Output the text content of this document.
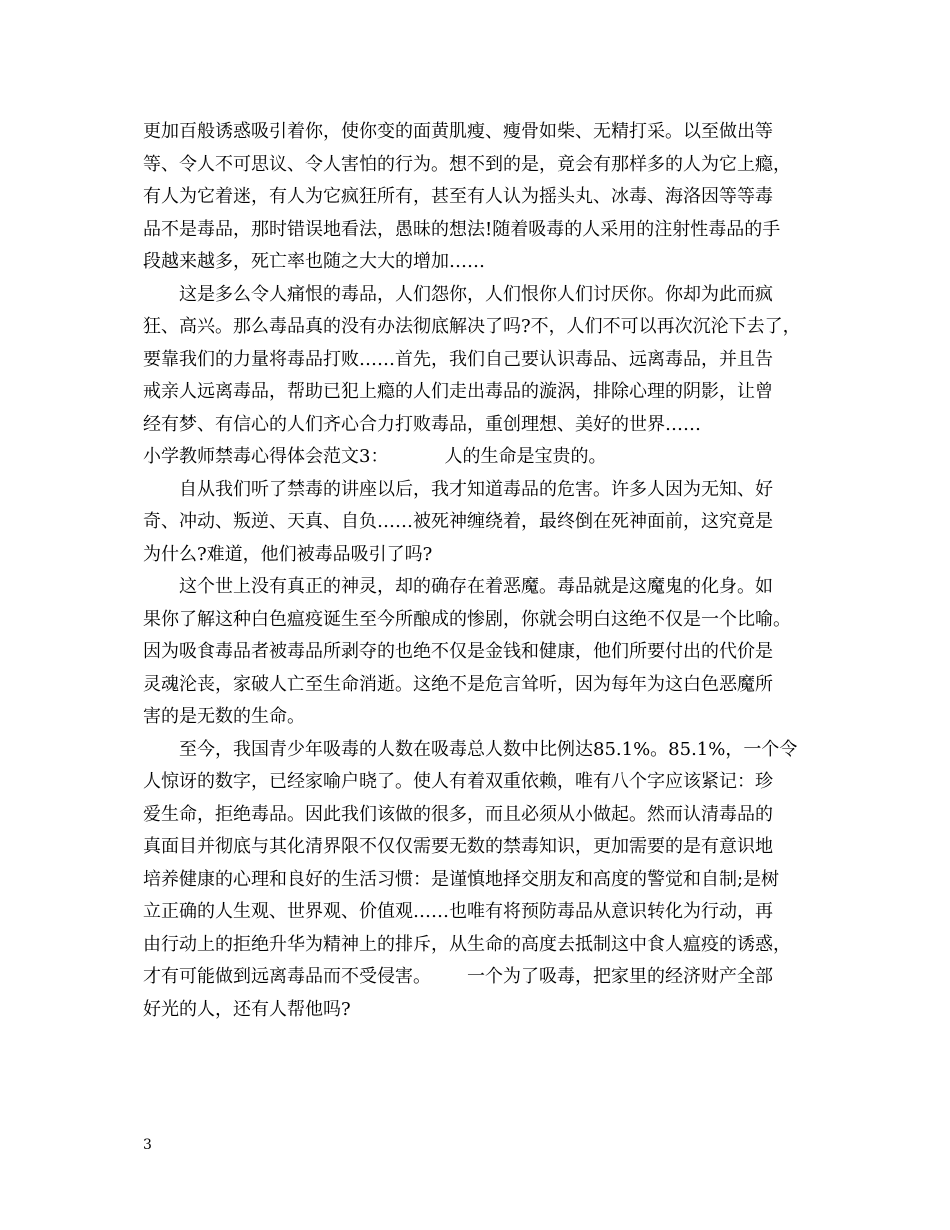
更加百般诱惑吸引着你，使你变的面黄肌瘦、瘦骨如柴、无精打采。以至做出等
等、令人不可思议、令人害怕的行为。想不到的是，竟会有那样多的人为它上瘾，
有人为它着迷，有人为它疯狂所有，甚至有人认为摇头丸、冰毒、海洛因等等毒
品不是毒品，那时错误地看法，愚昧的想法!随着吸毒的人采用的注射性毒品的手
段越来越多，死亡率也随之大大的增加……
这是多么令人痛恨的毒品，人们怨你，人们恨你人们讨厌你。你却为此而疯
狂、高兴。那么毒品真的没有办法彻底解决了吗?不，人们不可以再次沉沦下去了，
要靠我们的力量将毒品打败……首先，我们自己要认识毒品、远离毒品，并且告
戒亲人远离毒品，帮助已犯上瘾的人们走出毒品的漩涡，排除心理的阴影，让曾
经有梦、有信心的人们齐心合力打败毒品，重创理想、美好的世界……
小学教师禁毒心得体会范文3：	人的生命是宝贵的。
自从我们听了禁毒的讲座以后，我才知道毒品的危害。许多人因为无知、好
奇、冲动、叛逆、天真、自负……被死神缠绕着，最终倒在死神面前，这究竟是
为什么?难道，他们被毒品吸引了吗?
这个世上没有真正的神灵，却的确存在着恶魔。毒品就是这魔鬼的化身。如
果你了解这种白色瘟疫诞生至今所酿成的惨剧，你就会明白这绝不仅是一个比喻。
因为吸食毒品者被毒品所剥夺的也绝不仅是金钱和健康，他们所要付出的代价是
灵魂沦丧，家破人亡至生命消逝。这绝不是危言耸听，因为每年为这白色恶魔所
害的是无数的生命。
至今，我国青少年吸毒的人数在吸毒总人数中比例达85.1%。85.1%，一个令
人惊讶的数字，已经家喻户晓了。使人有着双重依赖，唯有八个字应该紧记：珍
爱生命，拒绝毒品。因此我们该做的很多，而且必须从小做起。然而认清毒品的
真面目并彻底与其化清界限不仅仅需要无数的禁毒知识，更加需要的是有意识地
培养健康的心理和良好的生活习惯：是谨慎地择交朋友和高度的警觉和自制;是树
立正确的人生观、世界观、价值观……也唯有将预防毒品从意识转化为行动，再
由行动上的拒绝升华为精神上的排斥，从生命的高度去抵制这中食人瘟疫的诱惑，
才有可能做到远离毒品而不受侵害。 一个为了吸毒，把家里的经济财产全部
好光的人，还有人帮他吗?
3
